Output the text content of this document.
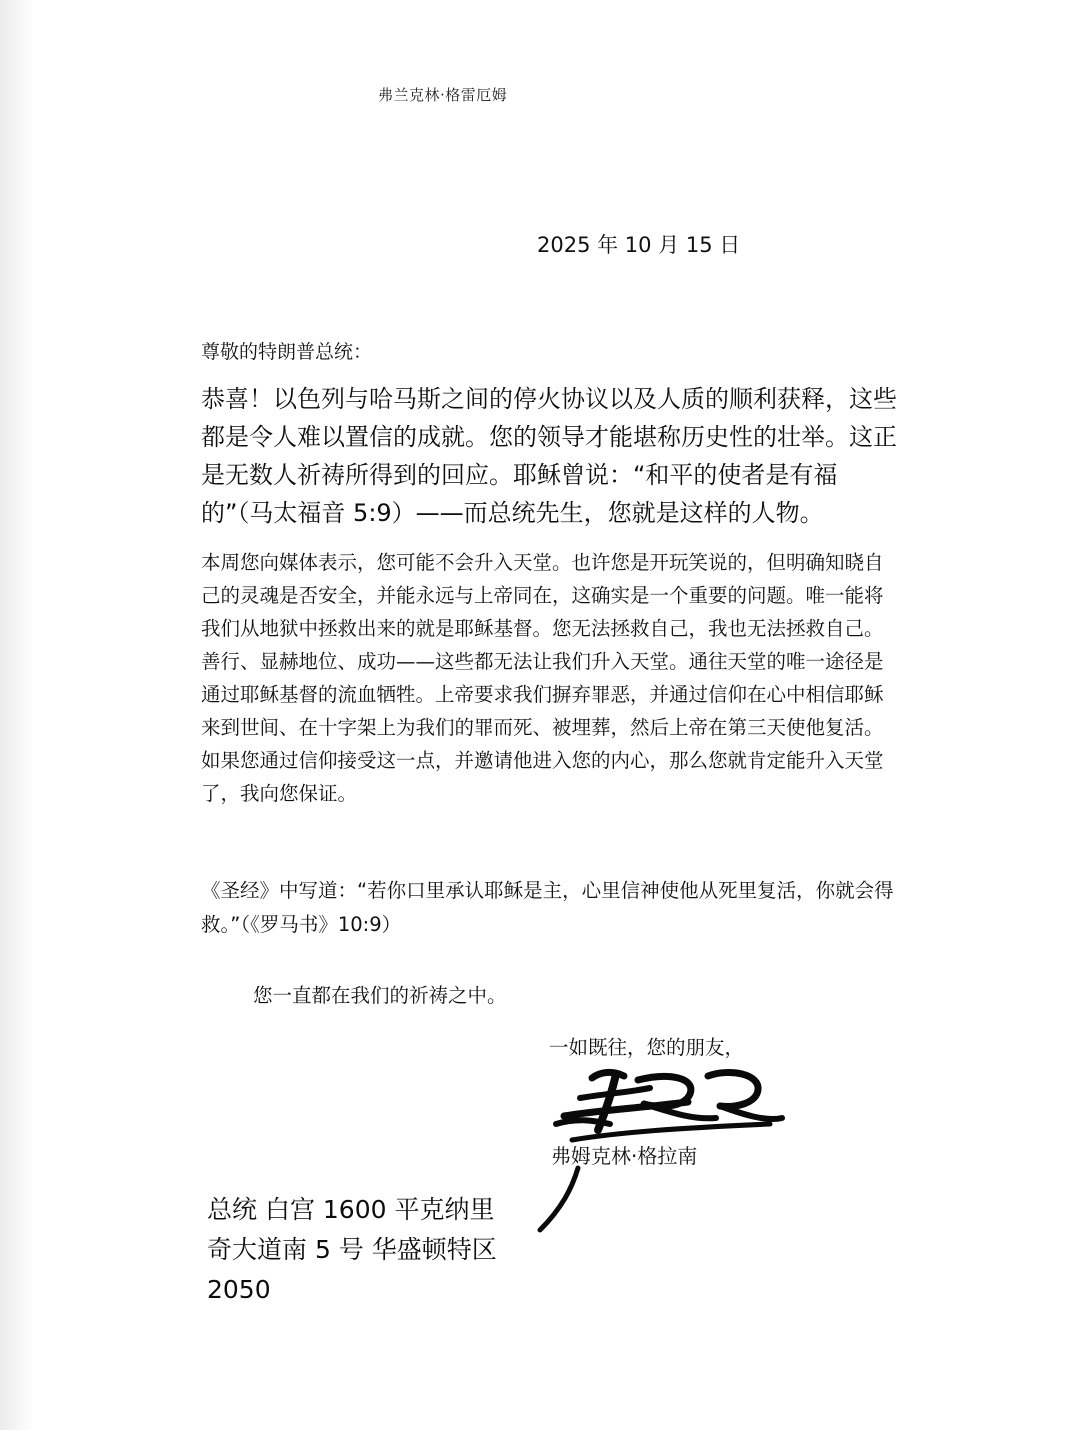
弗兰克林·格雷厄姆
2025 年 10 月 15 日
尊敬的特朗普总统：

恭喜！以色列与哈马斯之间的停火协议以及人质的顺利获释，这些都是令人难以置信的成就。您的领导才能堪称历史性的壮举。这正是无数人祈祷所得到的回应。耶稣曾说：“和平的使者是有福的”（马太福音 5:9）——而总统先生，您就是这样的人物。

本周您向媒体表示，您可能不会升入天堂。也许您是开玩笑说的，但明确知晓自己的灵魂是否安全，并能永远与上帝同在，这确实是一个重要的问题。唯一能将我们从地狱中拯救出来的就是耶稣基督。您无法拯救自己，我也无法拯救自己。善行、显赫地位、成功——这些都无法让我们升入天堂。通往天堂的唯一途径是通过耶稣基督的流血牺牲。上帝要求我们摒弃罪恶，并通过信仰在心中相信耶稣来到世间、在十字架上为我们的罪而死、被埋葬，然后上帝在第三天使他复活。如果您通过信仰接受这一点，并邀请他进入您的内心，那么您就肯定能升入天堂了，我向您保证。

《圣经》中写道：“若你口里承认耶稣是主，心里信神使他从死里复活，你就会得救。”（《罗马书》10:9）

您一直都在我们的祈祷之中。
一如既往，您的朋友，
弗姆克林·格拉南
总统 白宫 1600 平克纳里
奇大道南 5 号 华盛顿特区
2050
